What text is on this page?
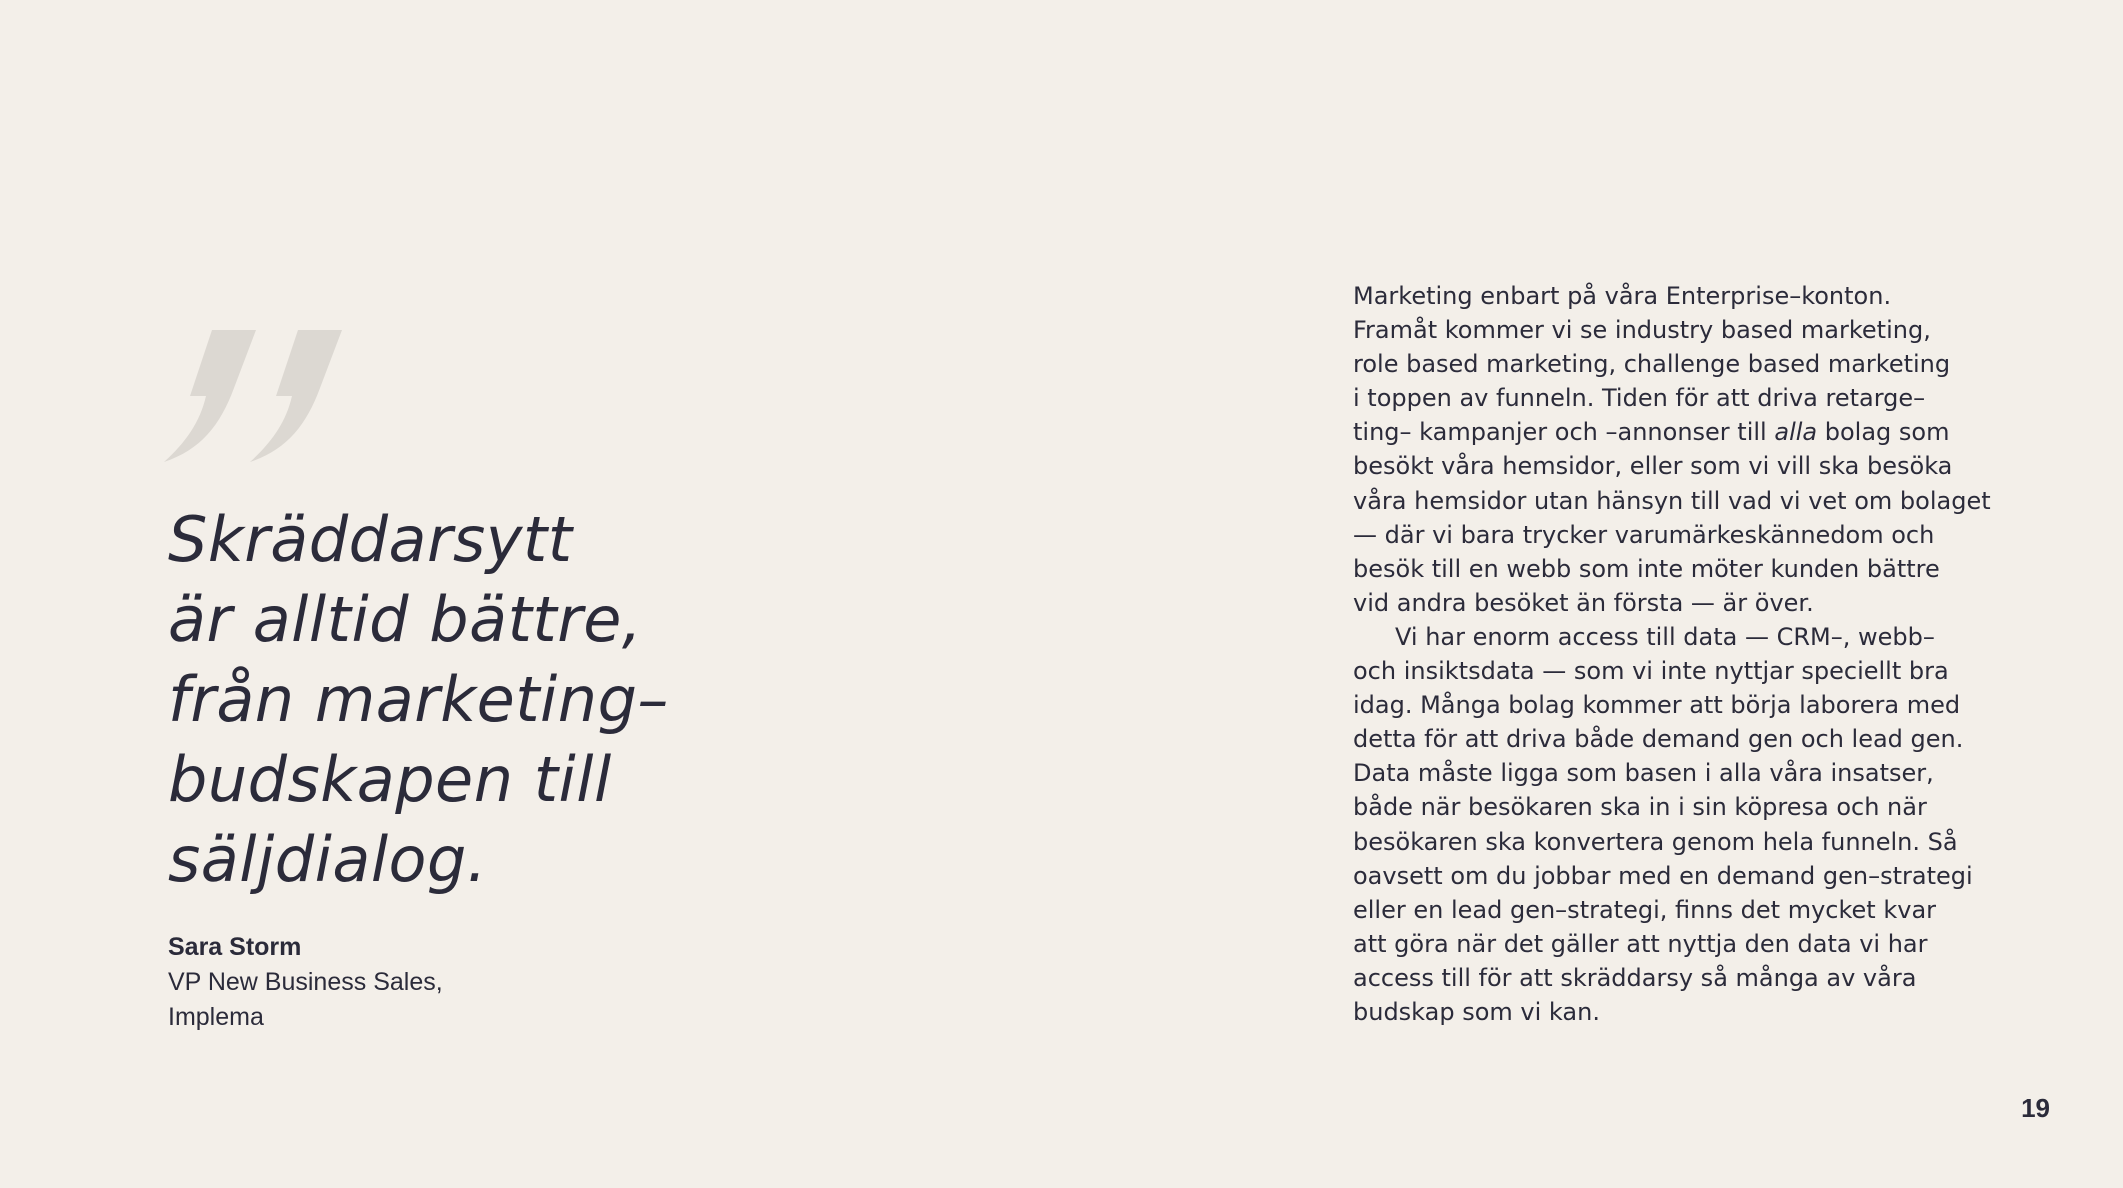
Skräddarsytt
är alltid bättre,
från marketing–
budskapen till
säljdialog.

Sara Storm
VP New Business Sales,
Implema
Marketing enbart på våra Enterprise–konton.
Framåt kommer vi se industry based marketing,
role based marketing, challenge based marketing
i toppen av funneln. Tiden för att driva retarge–
ting– kampanjer och –annonser till alla bolag som
besökt våra hemsidor, eller som vi vill ska besöka
våra hemsidor utan hänsyn till vad vi vet om bolaget
— där vi bara trycker varumärkeskännedom och
besök till en webb som inte möter kunden bättre
vid andra besöket än första — är över.
Vi har enorm access till data — CRM–, webb–
och insiktsdata — som vi inte nyttjar speciellt bra
idag. Många bolag kommer att börja laborera med
detta för att driva både demand gen och lead gen.
Data måste ligga som basen i alla våra insatser,
både när besökaren ska in i sin köpresa och när
besökaren ska konvertera genom hela funneln. Så
oavsett om du jobbar med en demand gen–strategi
eller en lead gen–strategi, finns det mycket kvar
att göra när det gäller att nyttja den data vi har
access till för att skräddarsy så många av våra
budskap som vi kan.
19
